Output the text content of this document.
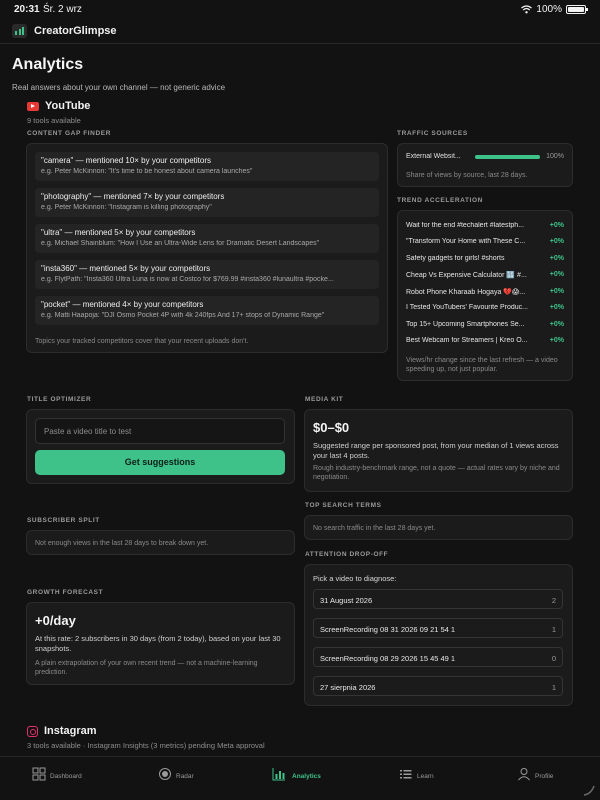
20:31 Śr. 2 wrz	100%
CreatorGlimpse
Analytics
Real answers about your own channel — not generic advice
YouTube
9 tools available
CONTENT GAP FINDER
"camera" — mentioned 10× by your competitors
e.g. Peter McKinnon: "It's time to be honest about camera launches"
"photography" — mentioned 7× by your competitors
e.g. Peter McKinnon: "Instagram is killing photography"
"ultra" — mentioned 5× by your competitors
e.g. Michael Shainblum: "How I Use an Ultra-Wide Lens for Dramatic Desert Landscapes"
"insta360" — mentioned 5× by your competitors
e.g. FlytPath: "Insta360 Ultra Luna is now at Costco for $769.99 #insta360 #lunaultra #pocke...
"pocket" — mentioned 4× by your competitors
e.g. Matti Haapoja: "DJI Osmo Pocket 4P with 4k 240fps And 17+ stops of Dynamic Range"
Topics your tracked competitors cover that your recent uploads don't.
TRAFFIC SOURCES
External Websit...	100%
Share of views by source, last 28 days.
TREND ACCELERATION
Wait for the end #techalert #latestph...	+0%
"Transform Your Home with These C...	+0%
Safety gadgets for girls! #shorts	+0%
Cheap Vs Expensive Calculator 🔢 #...	+0%
Robot Phone Kharaab Hogaya 💔😱...	+0%
I Tested YouTubers' Favourite Produc...	+0%
Top 15+ Upcoming Smartphones Se...	+0%
Best Webcam for Streamers | Kreo O...	+0%
Views/hr change since the last refresh — a video speeding up, not just popular.
TITLE OPTIMIZER
Paste a video title to test
Get suggestions
MEDIA KIT
$0–$0
Suggested range per sponsored post, from your median of 1 views across your last 4 posts.
Rough industry-benchmark range, not a quote — actual rates vary by niche and negotiation.
TOP SEARCH TERMS
No search traffic in the last 28 days yet.
SUBSCRIBER SPLIT
Not enough views in the last 28 days to break down yet.
ATTENTION DROP-OFF
Pick a video to diagnose:
31 August 2026	2
ScreenRecording 08 31 2026 09 21 54 1	1
ScreenRecording 08 29 2026 15 45 49 1	0
27 sierpnia 2026	1
GROWTH FORECAST
+0/day
At this rate: 2 subscribers in 30 days (from 2 today), based on your last 30 snapshots.
A plain extrapolation of your own recent trend — not a machine-learning prediction.
Instagram
3 tools available · Instagram Insights (3 metrics) pending Meta approval
Dashboard	Radar	Analytics	Learn	Profile
